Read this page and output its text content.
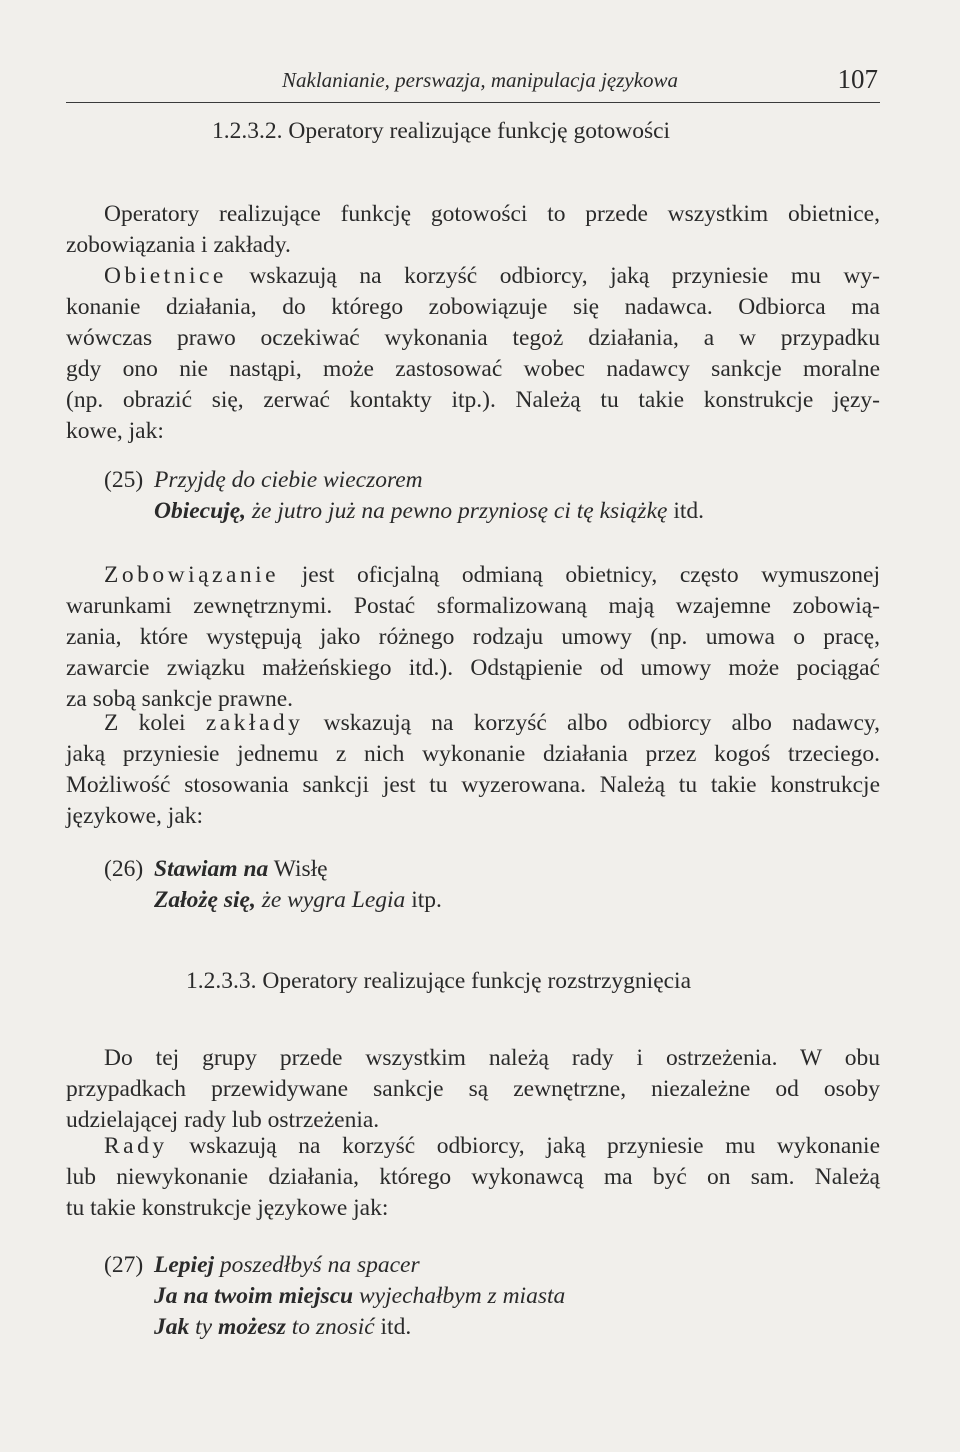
Naklanianie, perswazja, manipulacja językowa	107
1.2.3.2. Operatory realizujące funkcję gotowości
Operatory realizujące funkcję gotowości to przede wszystkim obietnice,
zobowiązania i zakłady.
Obietnice wskazują na korzyść odbiorcy, jaką przyniesie mu wy-
konanie działania, do którego zobowiązuje się nadawca. Odbiorca ma
wówczas prawo oczekiwać wykonania tegoż działania, a w przypadku
gdy ono nie nastąpi, może zastosować wobec nadawcy sankcje moralne
(np. obrazić się, zerwać kontakty itp.). Należą tu takie konstrukcje języ-
kowe, jak:
(25) Przyjdę do ciebie wieczorem
Obiecuję, że jutro już na pewno przyniosę ci tę książkę itd.
Zobowiązanie jest oficjalną odmianą obietnicy, często wymuszonej
warunkami zewnętrznymi. Postać sformalizowaną mają wzajemne zobowią-
zania, które występują jako różnego rodzaju umowy (np. umowa o pracę,
zawarcie związku małżeńskiego itd.). Odstąpienie od umowy może pociągać
za sobą sankcje prawne.
Z kolei zakłady wskazują na korzyść albo odbiorcy albo nadawcy,
jaką przyniesie jednemu z nich wykonanie działania przez kogoś trzeciego.
Możliwość stosowania sankcji jest tu wyzerowana. Należą tu takie konstrukcje
językowe, jak:
(26) Stawiam na Wisłę
Założę się, że wygra Legia itp.
1.2.3.3. Operatory realizujące funkcję rozstrzygnięcia
Do tej grupy przede wszystkim należą rady i ostrzeżenia. W obu
przypadkach przewidywane sankcje są zewnętrzne, niezależne od osoby
udzielającej rady lub ostrzeżenia.
Rady wskazują na korzyść odbiorcy, jaką przyniesie mu wykonanie
lub niewykonanie działania, którego wykonawcą ma być on sam. Należą
tu takie konstrukcje językowe jak:
(27) Lepiej poszedłbyś na spacer
Ja na twoim miejscu wyjechałbym z miasta
Jak ty możesz to znosić itd.
